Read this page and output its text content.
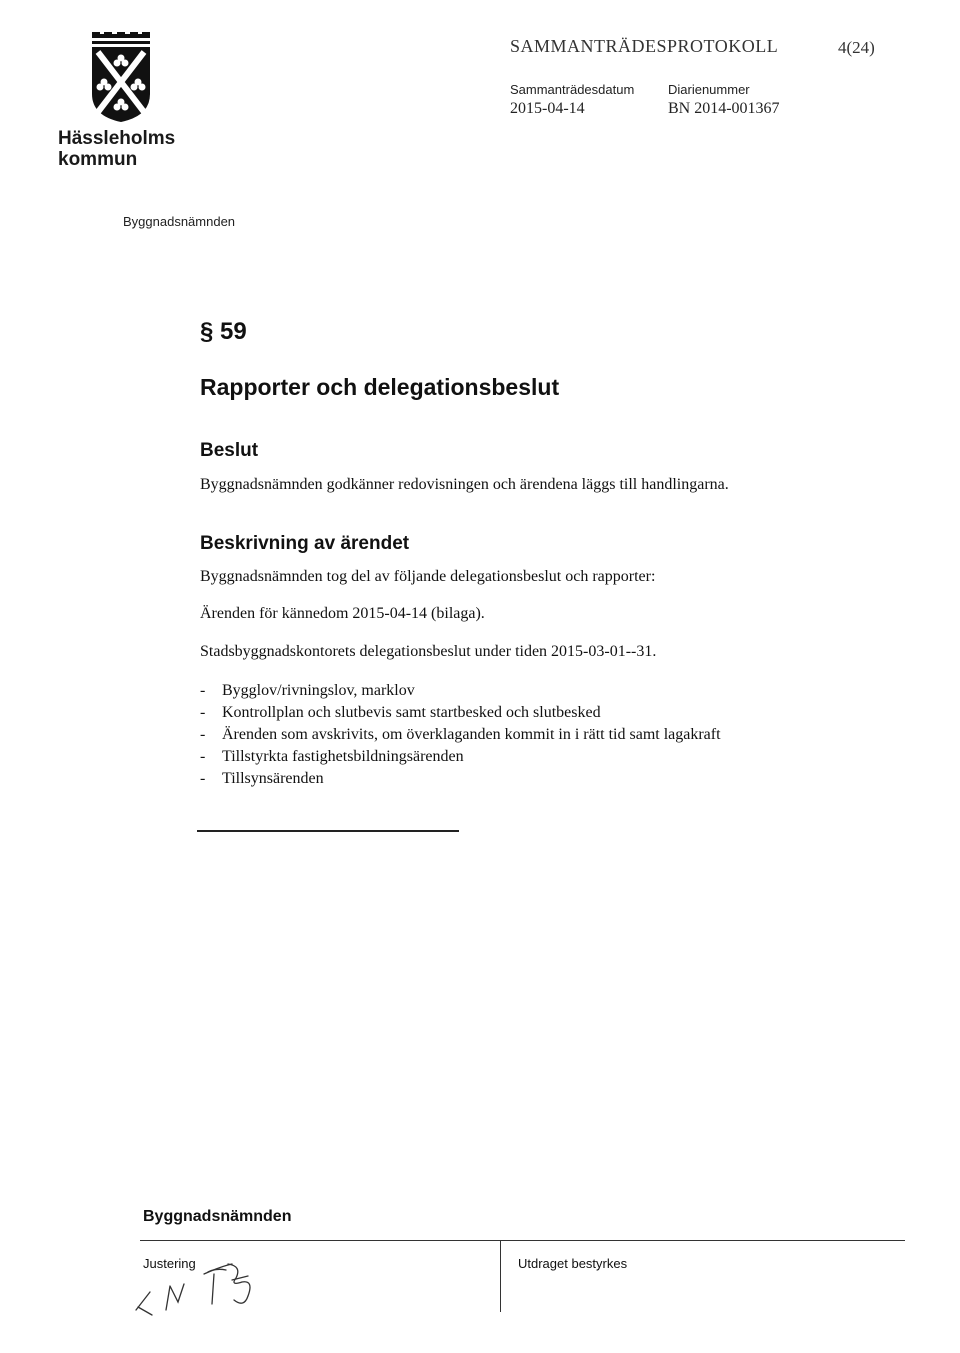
Hässleholms kommun
SAMMANTRÄDESPROTOKOLL	4(24)
Sammanträdesdatum
2015-04-14
Diarienummer
BN 2014-001367
Byggnadsnämnden
§ 59
Rapporter och delegationsbeslut
Beslut
Byggnadsnämnden godkänner redovisningen och ärendena läggs till handlingarna.
Beskrivning av ärendet
Byggnadsnämnden tog del av följande delegationsbeslut och rapporter:
Ärenden för kännedom 2015-04-14 (bilaga).
Stadsbyggnadskontorets delegationsbeslut under tiden 2015-03-01--31.
-	Bygglov/rivningslov, marklov
-	Kontrollplan och slutbevis samt startbesked och slutbesked
-	Ärenden som avskrivits, om överklaganden kommit in i rätt tid samt lagakraft
-	Tillstyrkta fastighetsbildningsärenden
-	Tillsynsärenden
Byggnadsnämnden
Justering	Utdraget bestyrkes
